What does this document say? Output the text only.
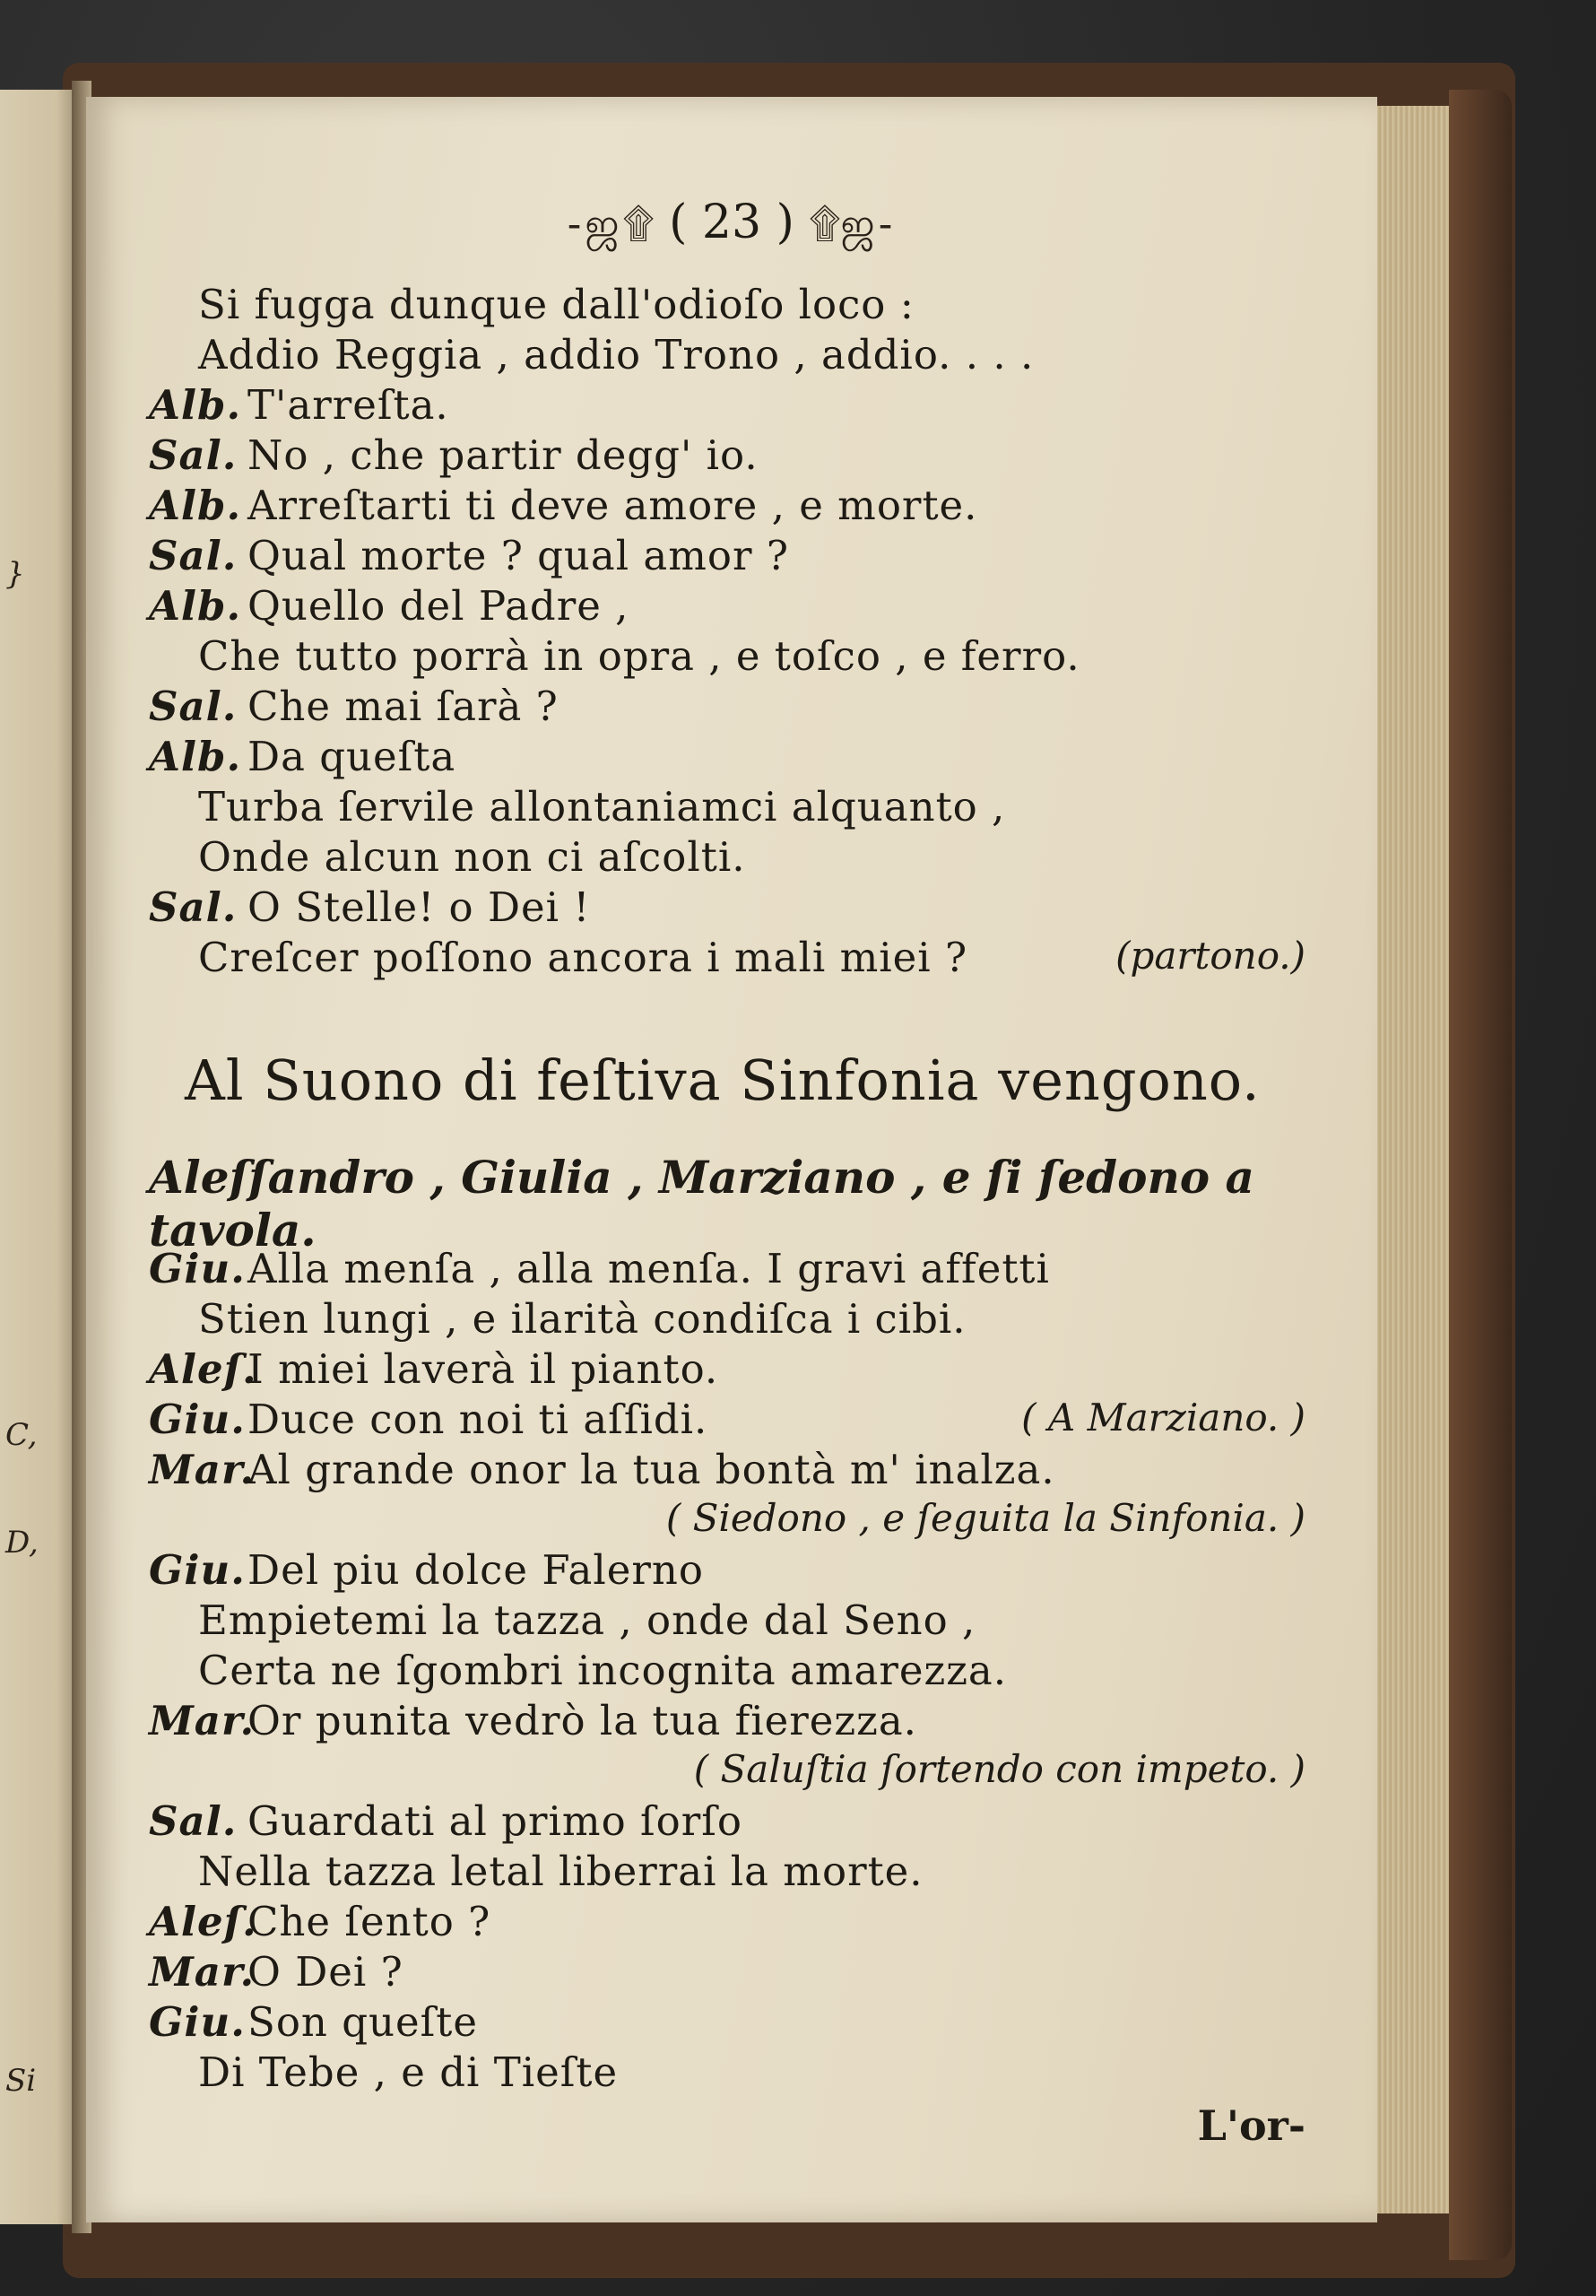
}
C,
D,
Si
-ஜ۩ ( 23 ) ۩ஜ-
Si fugga dunque dall'odioſo loco :
Addio Reggia , addio Trono , addio. . . .
Alb. T'arreſta.
Sal. No , che partir degg' io.
Alb. Arreſtarti ti deve amore , e morte.
Sal. Qual morte ? qual amor ?
Alb. Quello del Padre ,
Che tutto porrà in opra , e toſco , e ferro.
Sal. Che mai ſarà ?
Alb. Da queſta
Turba ſervile allontaniamci alquanto ,
Onde alcun non ci aſcolti.
Sal. O Stelle! o Dei !
Creſcer poſſono ancora i mali miei ?	(partono.)
Al Suono di feſtiva Sinfonia vengono.
Aleſſandro , Giulia , Marziano , e ſi ſedono a tavola.
Giu.Alla menſa , alla menſa. I gravi affetti
Stien lungi , e ilarità condiſca i cibi.
Aleſ.I miei laverà il pianto.
Giu.Duce con noi ti aſſidi.	( A Marziano. )
Mar.Al grande onor la tua bontà m' inalza.
( Siedono , e ſeguita la Sinfonia. )
Giu.Del piu dolce Falerno
Empietemi la tazza , onde dal Seno ,
Certa ne ſgombri incognita amarezza.
Mar.Or punita vedrò la tua fierezza.
( Saluſtia ſortendo con impeto. )
Sal. Guardati al primo ſorſo
Nella tazza letal liberrai la morte.
Aleſ.Che ſento ?
Mar.O Dei ?
Giu.Son queſte
Di Tebe , e di Tieſte
L'or-
